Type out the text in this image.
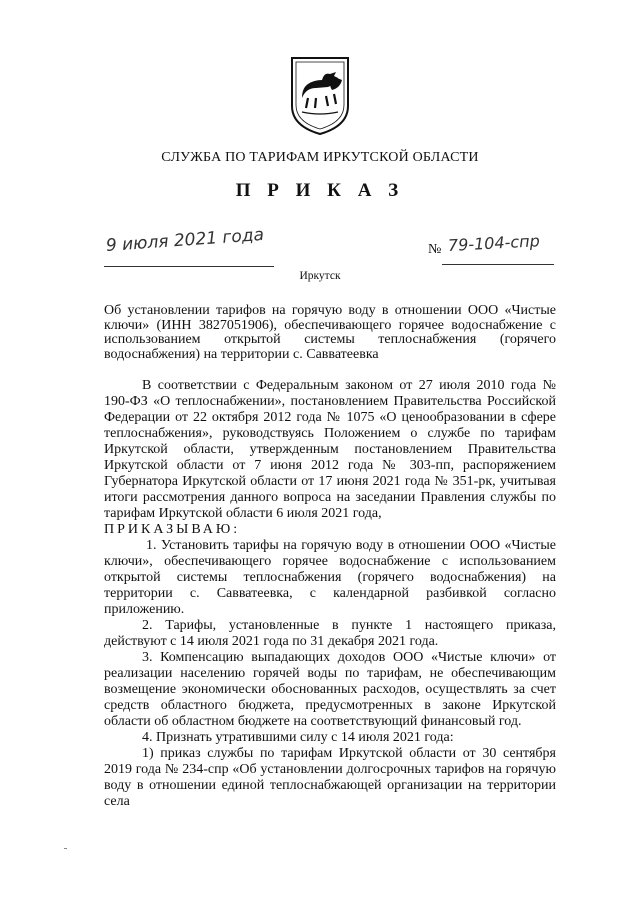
СЛУЖБА ПО ТАРИФАМ ИРКУТСКОЙ ОБЛАСТИ
П Р И К А З
9 июля 2021 года	№ 79-104-спр
Иркутск
Об установлении тарифов на горячую воду в отношении ООО «Чистые ключи» (ИНН 3827051906), обеспечивающего горячее водоснабжение с использованием открытой системы теплоснабжения (горячего водоснабжения) на территории с. Савватеевка

В соответствии с Федеральным законом от 27 июля 2010 года № 190-ФЗ «О теплоснабжении», постановлением Правительства Российской Федерации от 22 октября 2012 года № 1075 «О ценообразовании в сфере теплоснабжения», руководствуясь Положением о службе по тарифам Иркутской области, утвержденным постановлением Правительства Иркутской области от 7 июня 2012 года № 303-пп, распоряжением Губернатора Иркутской области от 17 июня 2021 года № 351-рк, учитывая итоги рассмотрения данного вопроса на заседании Правления службы по тарифам Иркутской области 6 июля 2021 года,

ПРИКАЗЫВАЮ:

1. Установить тарифы на горячую воду в отношении ООО «Чистые ключи», обеспечивающего горячее водоснабжение с использованием открытой системы теплоснабжения (горячего водоснабжения) на территории с. Савватеевка, с календарной разбивкой согласно приложению.

2. Тарифы, установленные в пункте 1 настоящего приказа, действуют с 14 июля 2021 года по 31 декабря 2021 года.

3. Компенсацию выпадающих доходов ООО «Чистые ключи» от реализации населению горячей воды по тарифам, не обеспечивающим возмещение экономически обоснованных расходов, осуществлять за счет средств областного бюджета, предусмотренных в законе Иркутской области об областном бюджете на соответствующий финансовый год.

4. Признать утратившими силу с 14 июля 2021 года:

1) приказ службы по тарифам Иркутской области от 30 сентября 2019 года № 234-спр «Об установлении долгосрочных тарифов на горячую воду в отношении единой теплоснабжающей организации на территории села
